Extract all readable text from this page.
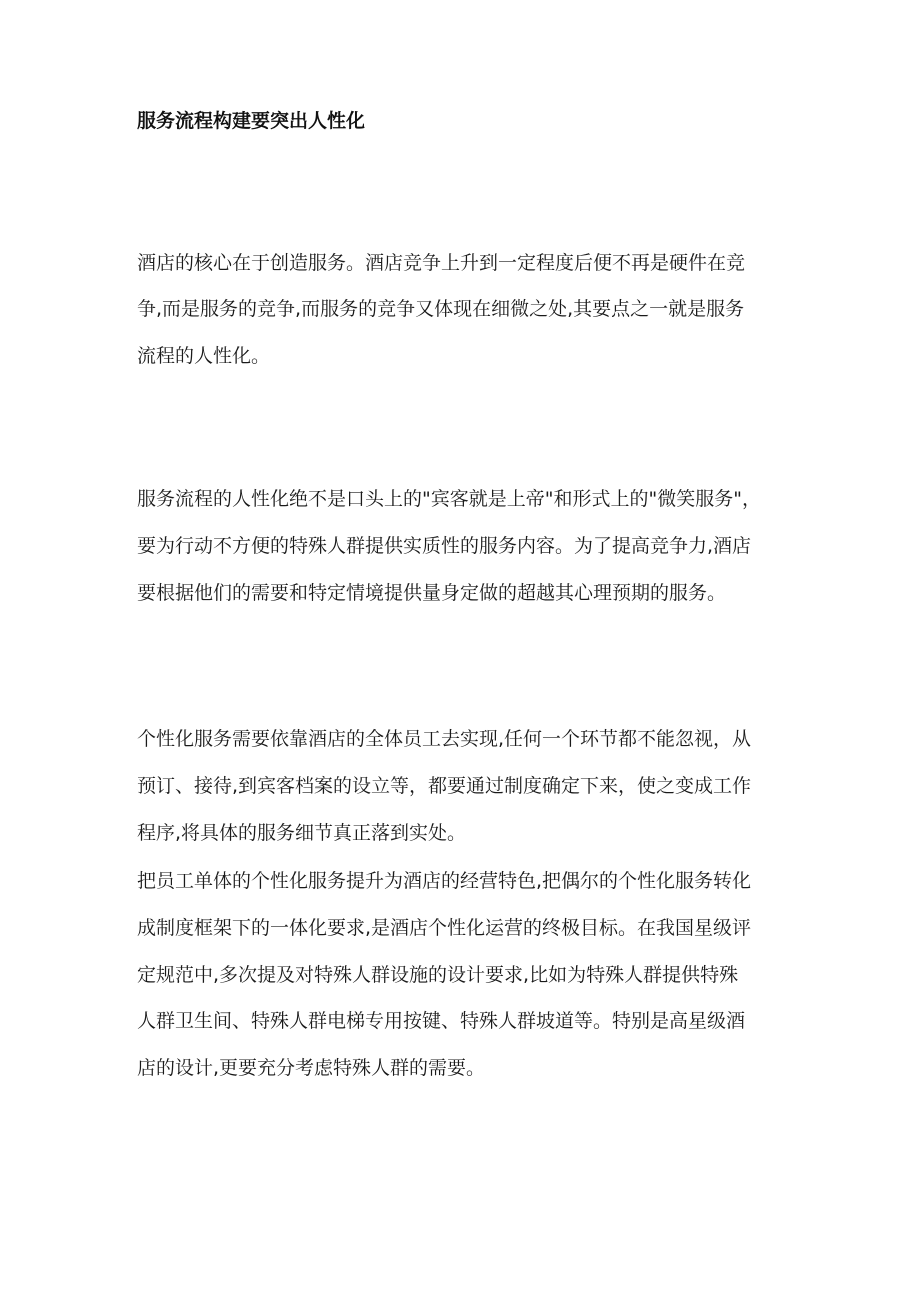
服务流程构建要突出人性化
酒店的核心在于创造服务。酒店竞争上升到一定程度后便不再是硬件在竞
争,而是服务的竞争,而服务的竞争又体现在细微之处,其要点之一就是服务
流程的人性化。
服务流程的人性化绝不是口头上的"宾客就是上帝"和形式上的"微笑服务"，
要为行动不方便的特殊人群提供实质性的服务内容。为了提高竞争力,酒店
要根据他们的需要和特定情境提供量身定做的超越其心理预期的服务。
个性化服务需要依靠酒店的全体员工去实现,任何一个环节都不能忽视，从
预订、接待,到宾客档案的设立等，都要通过制度确定下来，使之变成工作
程序,将具体的服务细节真正落到实处。
把员工单体的个性化服务提升为酒店的经营特色,把偶尔的个性化服务转化
成制度框架下的一体化要求,是酒店个性化运营的终极目标。在我国星级评
定规范中,多次提及对特殊人群设施的设计要求,比如为特殊人群提供特殊
人群卫生间、特殊人群电梯专用按键、特殊人群坡道等。特别是高星级酒
店的设计,更要充分考虑特殊人群的需要。
